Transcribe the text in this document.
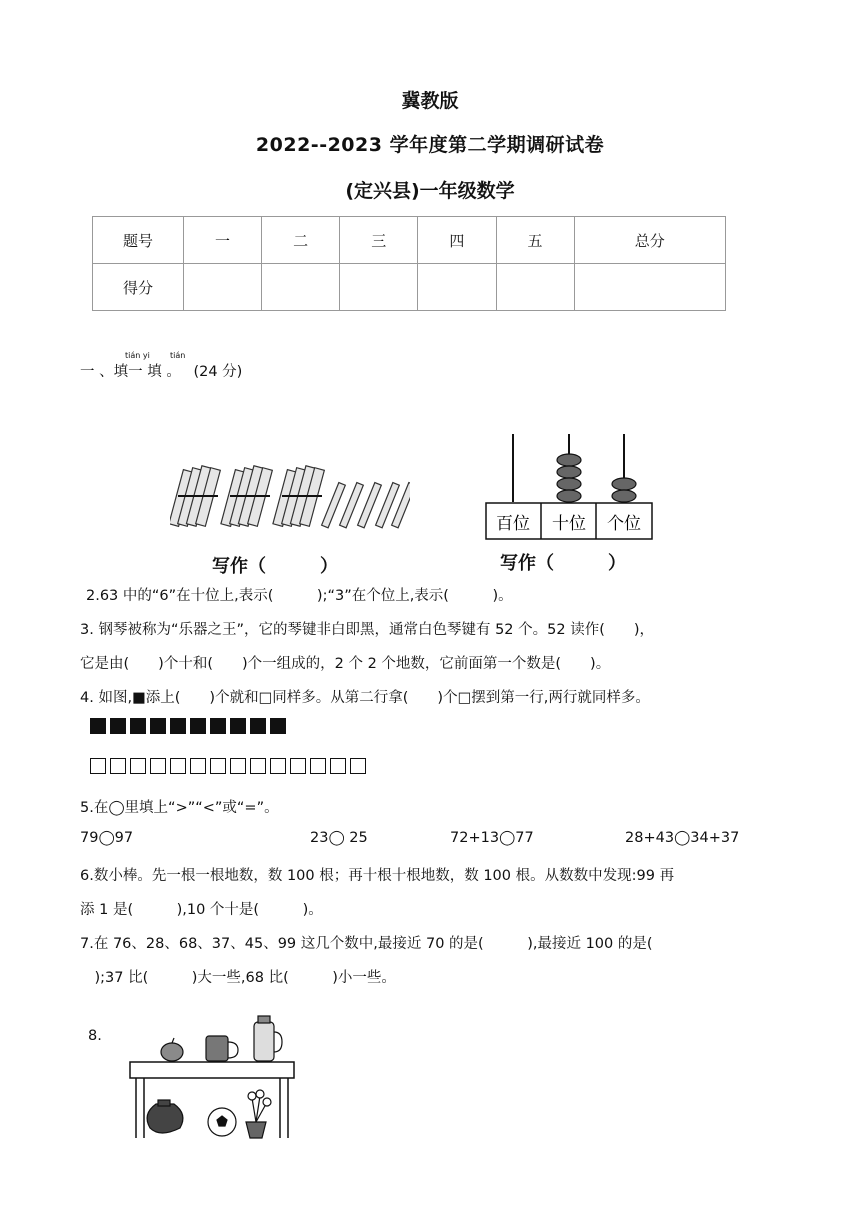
冀教版
2022--2023 学年度第二学期调研试卷
(定兴县)一年级数学
题号	一	二	三	四	五	总分
得分						
tián yi	tián
一 、填一 填 。 (24 分)
百位 十位 个位
写作（　　　）	写作（　　　）
2.63 中的“6”在十位上,表示(　　　);“3”在个位上,表示(　　　)。
3. 钢琴被称为“乐器之王”，它的琴键非白即黑，通常白色琴键有 52 个。52 读作(　　)，
它是由(　　)个十和(　　)个一组成的，2 个 2 个地数，它前面第一个数是(　　)。
4. 如图,■添上(　　)个就和□同样多。从第二行拿(　　)个□摆到第一行,两行就同样多。
5.在◯里填上“>”“<”或“=”。
79◯97	23◯ 25	72+13◯77	28+43◯34+37
6.数小棒。先一根一根地数，数 100 根；再十根十根地数，数 100 根。从数数中发现:99 再
添 1 是(　　　),10 个十是(　　　)。
7.在 76、28、68、37、45、99 这几个数中,最接近 70 的是(　　　),最接近 100 的是(
　);37 比(　　　)大一些,68 比(　　　)小一些。
8.
